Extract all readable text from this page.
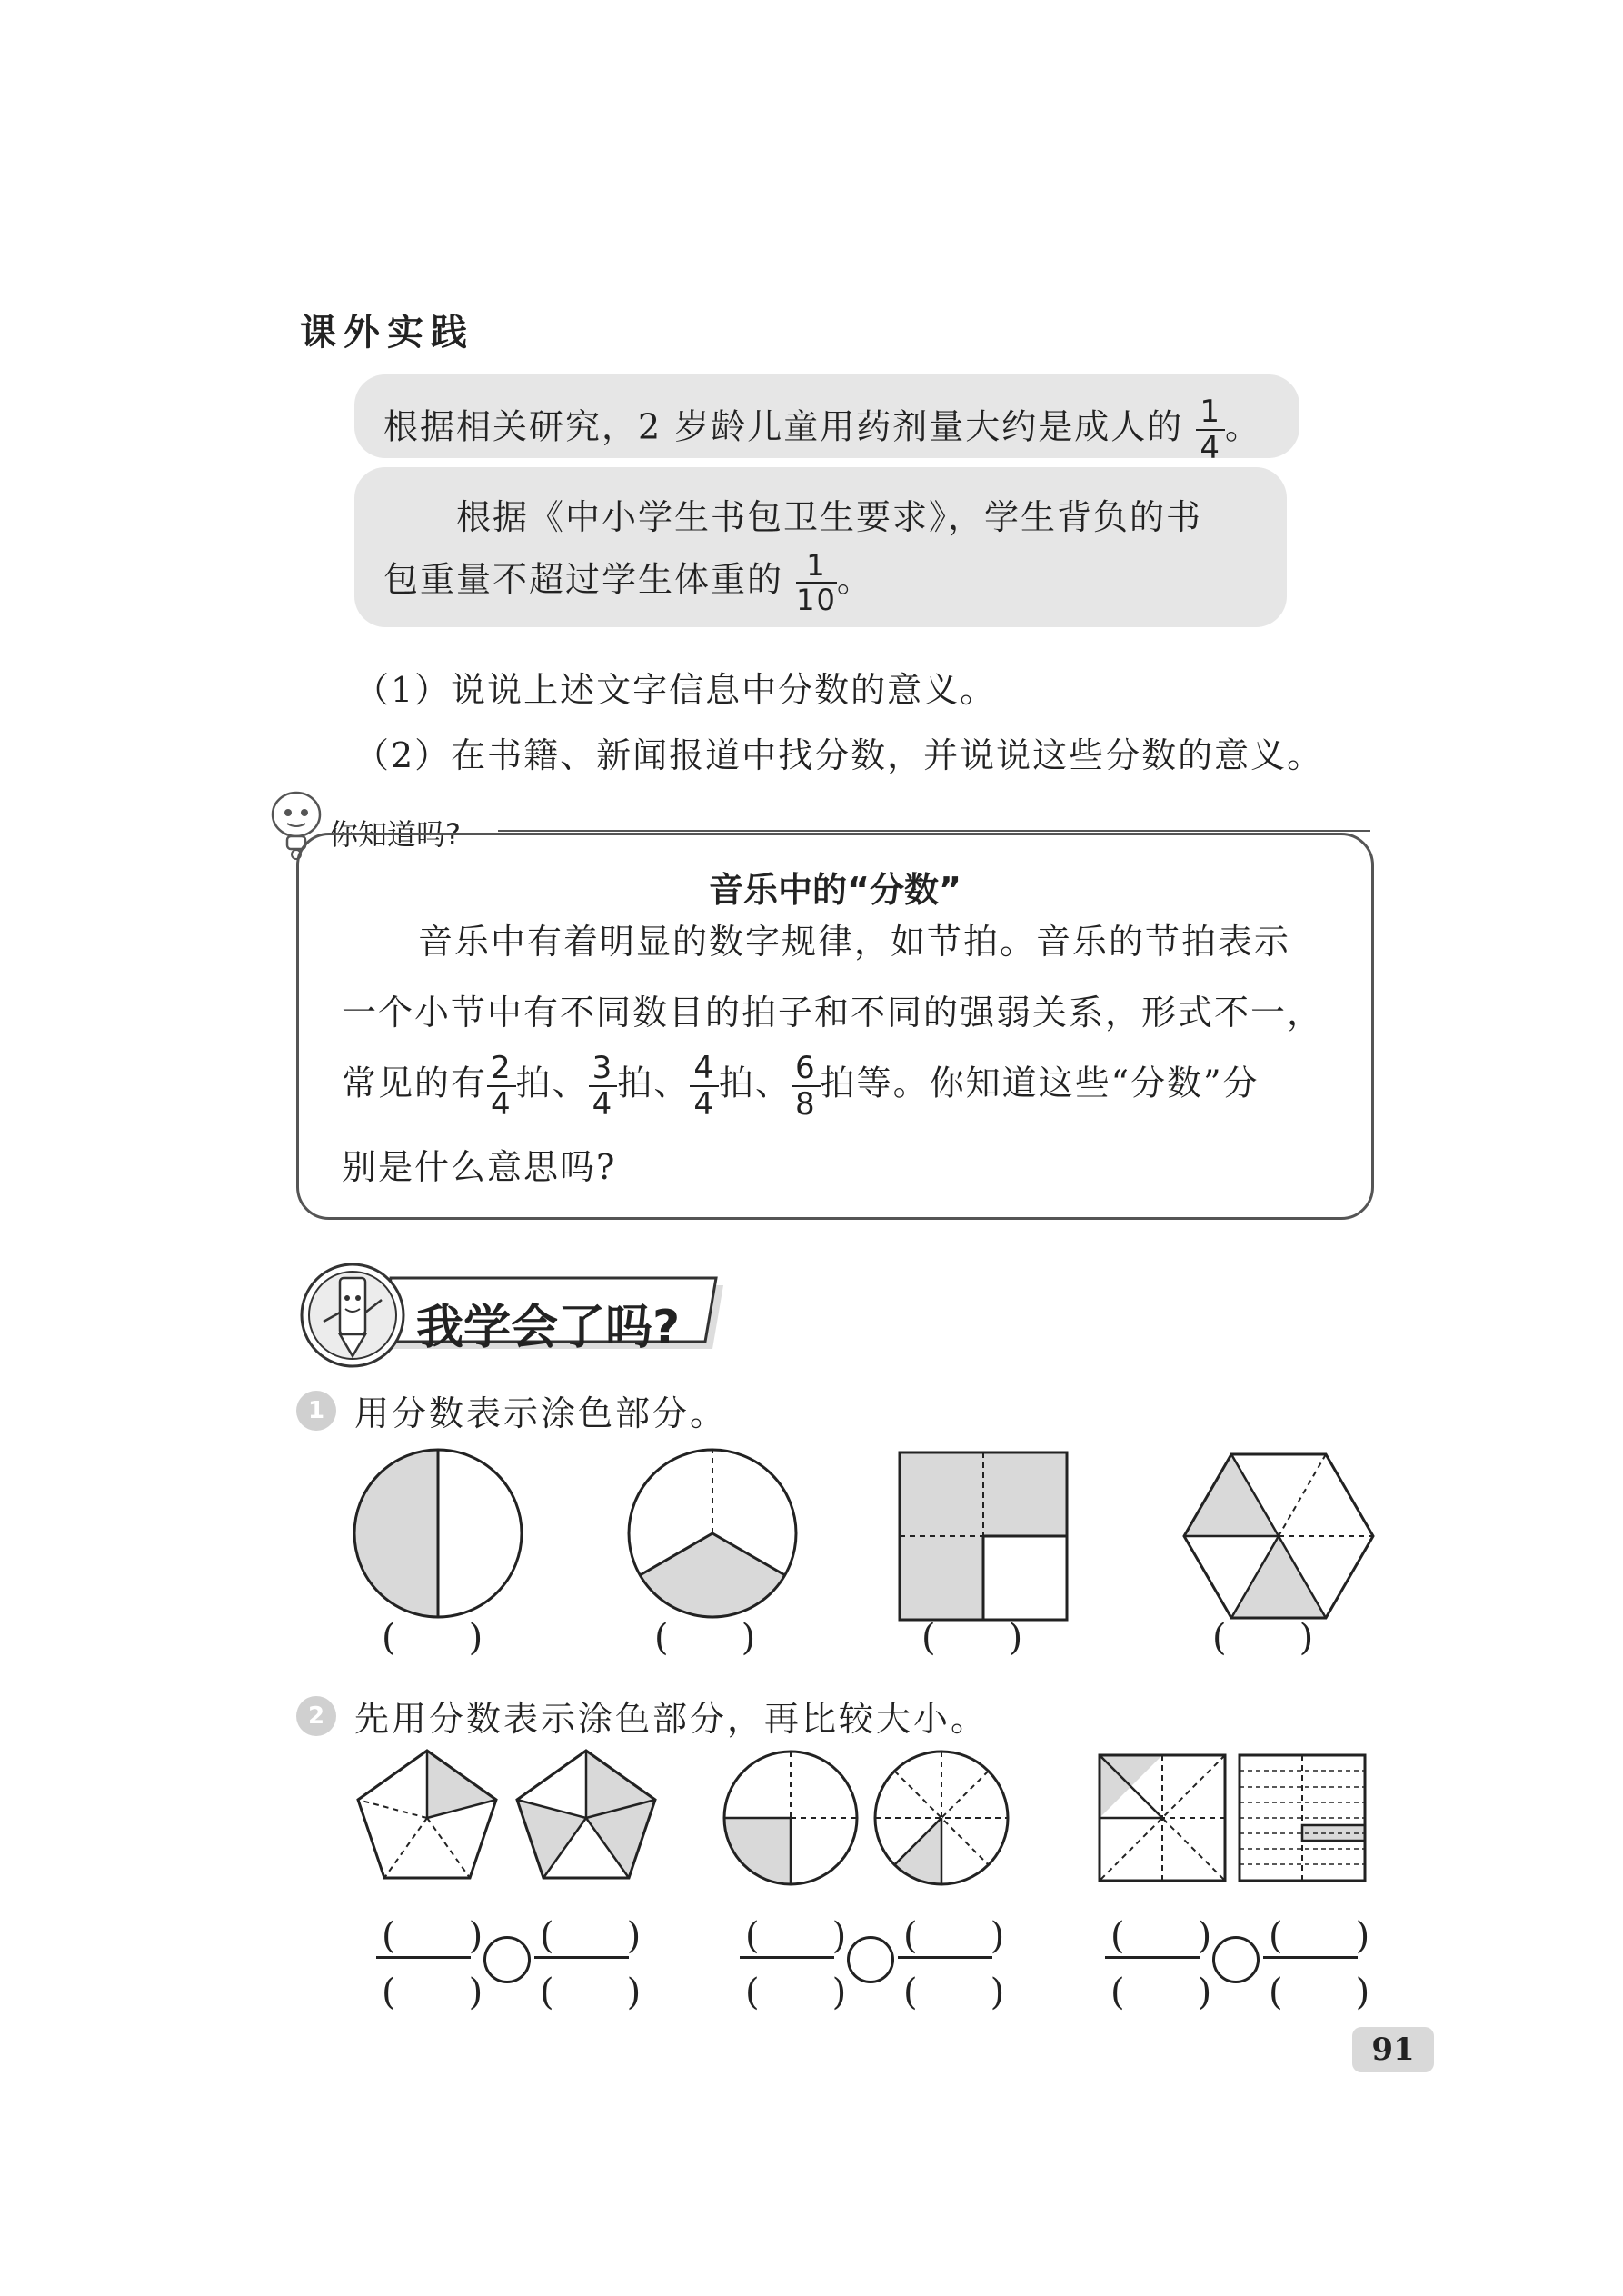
课外实践
根据相关研究，2 岁龄儿童用药剂量大约是成人的 $\frac{1}{4}$ 。
根据《中小学生书包卫生要求》，学生背负的书
包重量不超过学生体重的 $\frac{1}{10}$ 。
（1）说说上述文字信息中分数的意义。
（2）在书籍、新闻报道中找分数，并说说这些分数的意义。
你知道吗?
音乐中的“分数”
音乐中有着明显的数字规律，如节拍。音乐的节拍表示
一个小节中有不同数目的拍子和不同的强弱关系，形式不一，
常见的有 $\frac{2}{4}$ 拍、 $\frac{3}{4}$ 拍、 $\frac{4}{4}$ 拍、 $\frac{6}{8}$ 拍等。你知道这些“分数”分
别是什么意思吗?
我学会了吗?
1 用分数表示涂色部分。
(　　)	(　　)	(　　)	(　　)
2 先用分数表示涂色部分，再比较大小。
(　　)
(　　)
(　　)
(　　)
(　　)
(　　)
(　　)
(　　)
(　　)
(　　)
(　　)
(　　)
91
